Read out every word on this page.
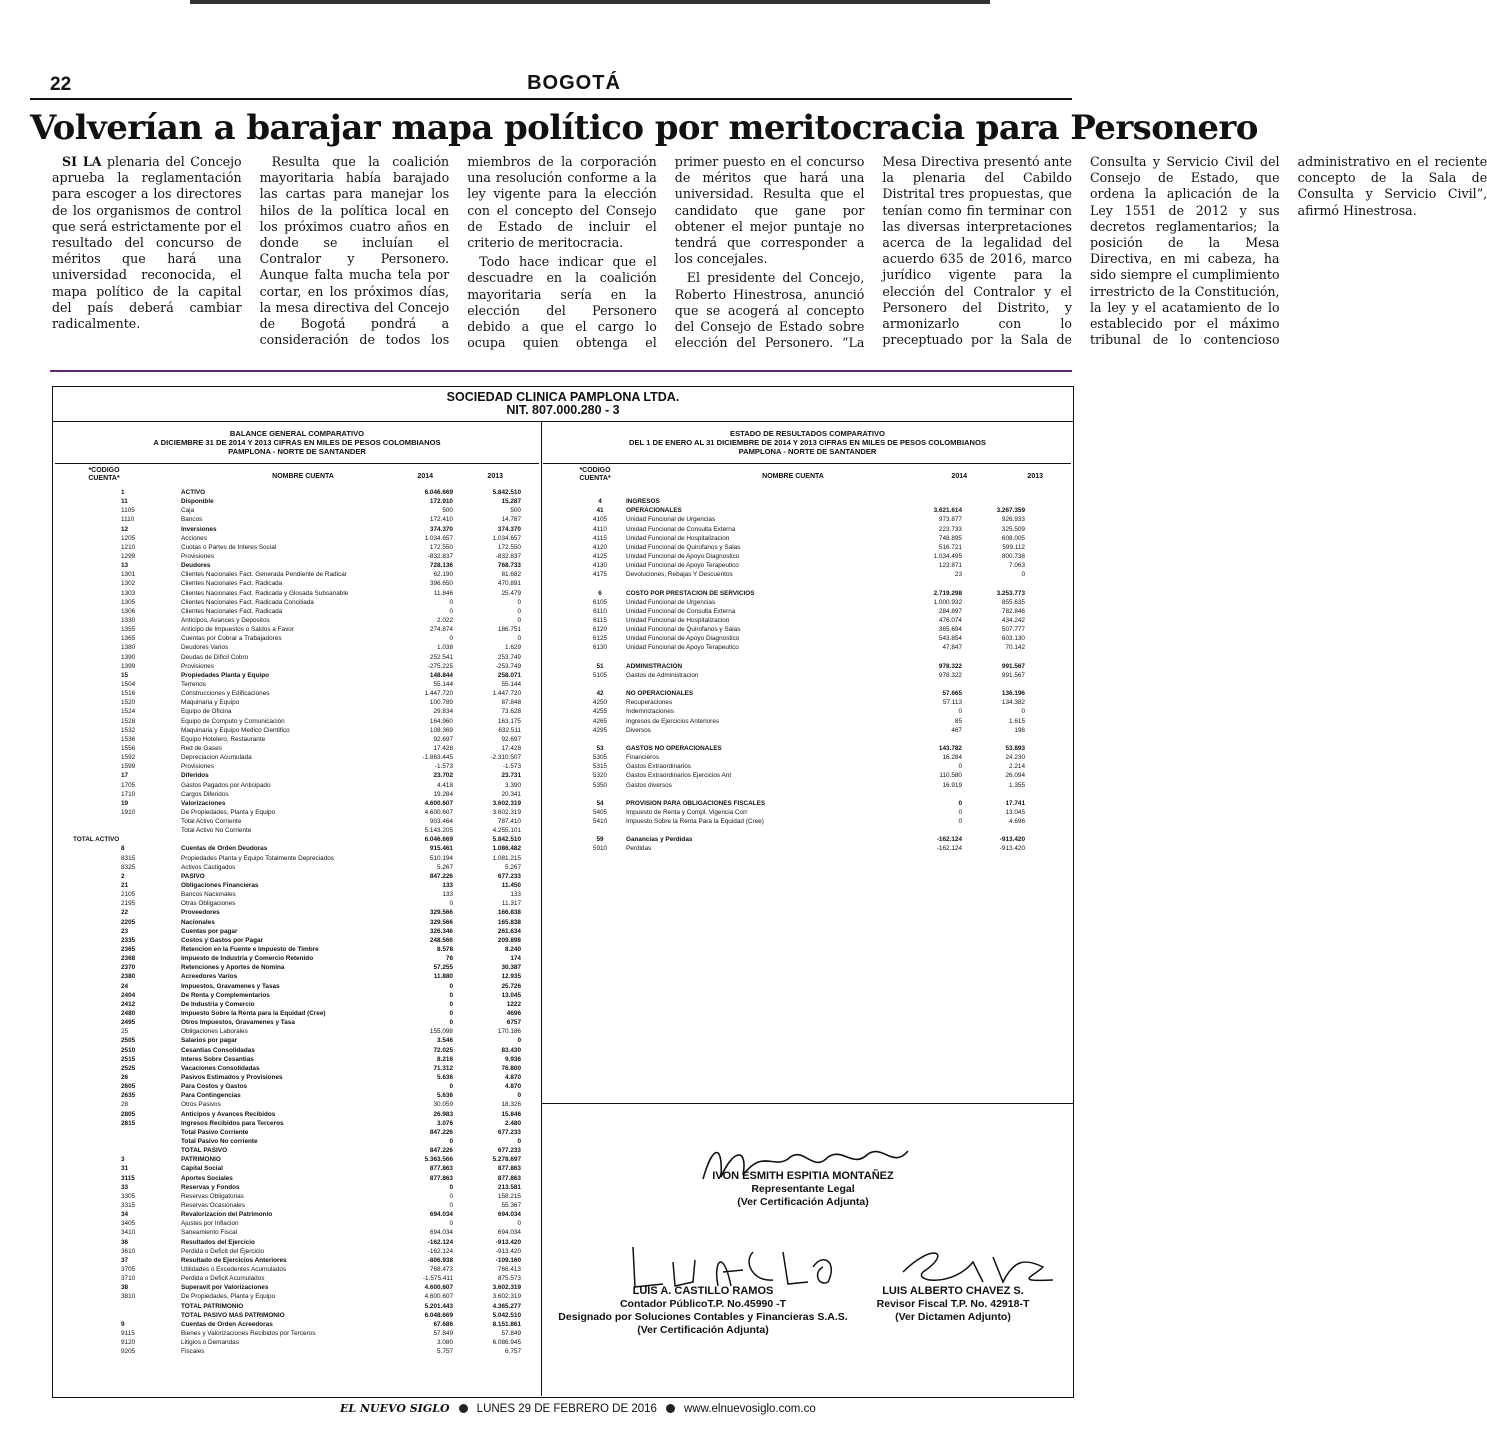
22	BOGOTÁ
Volverían a barajar mapa político por meritocracia para Personero

SI LA plenaria del Concejo aprueba la reglamentación para escoger a los directores de los organismos de control que será estrictamente por el resultado del concurso de méritos que hará una universidad reconocida, el mapa político de la capital del país deberá cambiar radicalmente.

Resulta que la coalición mayoritaria había barajado las cartas para manejar los hilos de la política local en los próximos cuatro años en donde se incluían el Contralor y Personero. Aunque falta mucha tela por cortar, en los próximos días, la mesa directiva del Concejo de Bogotá pondrá a consideración de todos los miembros de la corporación una resolución conforme a la ley vigente para la elección con el concepto del Consejo de Estado de incluir el criterio de meritocracia.

Todo hace indicar que el descuadre en la coalición mayoritaria sería en la elección del Personero debido a que el cargo lo ocupa quien obtenga el primer puesto en el concurso de méritos que hará una universidad. Resulta que el candidato que gane por obtener el mejor puntaje no tendrá que corresponder a los concejales.

El presidente del Concejo, Roberto Hinestrosa, anunció que se acogerá al concepto del Consejo de Estado sobre elección del Personero. “La Mesa Directiva presentó ante la plenaria del Cabildo Distrital tres propuestas, que tenían como fin terminar con las diversas interpretaciones acerca de la legalidad del acuerdo 635 de 2016, marco jurídico vigente para la elección del Contralor y el Personero del Distrito, y armonizarlo con lo preceptuado por la Sala de Consulta y Servicio Civil del Consejo de Estado, que ordena la aplicación de la Ley 1551 de 2012 y sus decretos reglamentarios; la posición de la Mesa Directiva, en mi cabeza, ha sido siempre el cumplimiento irrestricto de la Constitución, la ley y el acatamiento de lo establecido por el máximo tribunal de lo contencioso administrativo en el reciente concepto de la Sala de Consulta y Servicio Civil”, afirmó Hinestrosa.

SOCIEDAD CLINICA PAMPLONA LTDA.
NIT. 807.000.280 - 3
BALANCE GENERAL COMPARATIVO
A DICIEMBRE 31 DE 2014 Y 2013 CIFRAS EN MILES DE PESOS COLOMBIANOS
PAMPLONA - NORTE DE SANTANDER
*CODIGO CUENTA*	NOMBRE CUENTA	2014	2013
1	ACTIVO	6.046.669	5.842.510
11	Disponible	172.910	15.287
1105	Caja	500	500
1110	Bancos	172.410	14.787
12	Inversiones	374.370	374.370
1205	Acciones	1.034.657	1.034.657
1210	Cuotas o Partes de Interes Social	172.550	172.550
1299	Provisiones	-832.837	-832.837
13	Deudores	728.136	768.733
1301	Clientes Nacionales Fact. Generada Pendiente de Radicar	62.190	81.682
1302	Clientes Nacionales Fact. Radicada	396.650	470.891
1303	Clientes Nacionales Fact. Radicada y Glosada Subsanable	11.846	25.479
1305	Clientes Nacionales Fact. Radicada Conciliada	0	0
1306	Clientes Nacionales Fact. Radicada	0	0
1330	Anticipos, Avances y Depositos	2.022	0
1355	Anticipo de Impuestos o Saldos a Favor	274.874	186.751
1365	Cuentas por Cobrar a Trabajadores	0	0
1380	Deudores Varios	1.038	1.629
1390	Deudas de Dificil Cobro	252.541	253.749
1399	Provisiones	-275.225	-253.749
15	Propiedades Planta y Equipo	148.844	258.071
1504	Terrenos	55.144	55.144
1516	Construcciones y Edificaciones	1.447.720	1.447.720
1520	Maquinaria y Equipo	100.789	87.848
1524	Equipo de Oficina	29.834	73.628
1528	Equipo de Computo y Comunicación	164.960	163.175
1532	Maquinaria y Equipo Medico Cientifico	108.369	632.511
1536	Equipo Hotelero, Restaurante	92.697	92.697
1556	Red de Gases	17.428	17.428
1592	Depreciacion Acumulada	-1.863.445	-2.310.507
1599	Provisiones	-1.573	-1.573
17	Diferidos	23.702	23.731
1705	Gastos Pagados por Anticipado	4.418	3.390
1710	Cargos Diferidos	19.284	20.341
19	Valorizaciones	4.600.607	3.602.319
1910	De Propiedades, Planta y Equipo	4.600.607	3.602.319
Total Activo Corriente	903.464	787.410
Total Activo No Corriente	5.143.205	4.255.101
TOTAL ACTIVO	6.046.669	5.842.510
8	Cuentas de Orden Deudoras	915.461	1.086.482
8315	Propiedades Planta y Equipo Totalmente Depreciados	510.194	1.081.215
8325	Activos Castigados	5.267	5.267
2	PASIVO	847.226	677.233
21	Obligaciones Financieras	133	11.450
2105	Bancos Nacionales	133	133
2195	Otras Obligaciones	0	11.317
22	Proveedores	329.566	166.838
2205	Nacionales	329.566	165.838
23	Cuentas por pagar	326.346	261.634
2335	Costos y Gastos por Pagar	248.566	209.898
2365	Retencion en la Fuente e Impuesto de Timbre	8.578	8.240
2368	Impuesto de Industria y Comercio Retenido	76	174
2370	Retenciones y Aportes de Nomina	57.255	30.387
2380	Acreedores Varios	11.880	12.935
24	Impuestos, Gravamenes y Tasas	0	25.726
2404	De Renta y Complementarios	0	13.045
2412	De Industria y Comercio	0	1222
2480	Impuesto Sobre la Renta para la Equidad (Cree)	0	4696
2495	Otros Impuestos, Gravamenes y Tasa	0	6757
25	Obligaciones Laborales	155.098	170.186
2505	Salarios por pagar	3.546	0
2510	Cesantias Consolidadas	72.025	83.430
2515	Interes Sobre Cesantias	8.216	9.936
2525	Vacaciones Consolidadas	71.312	76.800
26	Pasivos Estimados y Provisiones	5.636	4.870
2605	Para Costos y Gastos	0	4.870
2635	Para Contingencias	5.636	0
28	Otros Pasivos	30.059	18.326
2805	Anticipos y Avances Recibidos	26.983	15.846
2815	Ingresos Recibidos para Terceros	3.076	2.480
Total Pasivo Corriente	847.226	677.233
Total Pasivo No corriente	0	0
TOTAL PASIVO	847.226	677.233
3	PATRIMONIO	5.363.566	5.278.697
31	Capital Social	877.863	877.863
3115	Aportes Sociales	877.863	877.863
33	Reservas y Fondos	0	213.581
3305	Reservas Obligatorias	0	158.215
3315	Reservas Ocasionales	0	55.367
34	Revalorizacion del Patrimonio	694.034	694.034
3405	Ajustes por Inflacion	0	0
3410	Saneamiento Fiscal	694.034	694.034
36	Resultados del Ejercicio	-162.124	-913.420
3610	Perdida o Deficit del Ejercicio	-162.124	-913.420
37	Resultado de Ejercicios Anteriores	-806.938	-109.160
3705	Utilidades o Excedentes Acumulados	768.473	766.413
3710	Perdida o Deficit Acumulados	-1.575.411	875.573
38	Superavit por Valorizaciones	4.600.607	3.602.319
3810	De Propiedades, Planta y Equipo	4.600.607	3.602.319
TOTAL PATRIMONIO	5.201.443	4.365.277
TOTAL PASIVO MAS PATRIMONIO	6.048.669	5.042.510
9	Cuentas de Orden Acreedoras	67.686	8.151.861
9115	Bienes y Valorizaciones Recibidos por Terceros	57.849	57.849
9120	Litigios o Demandas	3.080	6.086.945
9205	Fiscales	5.757	6.757
ESTADO DE RESULTADOS COMPARATIVO
DEL 1 DE ENERO AL 31 DICIEMBRE DE 2014 Y 2013 CIFRAS EN MILES DE PESOS COLOMBIANOS
PAMPLONA - NORTE DE SANTANDER
*CODIGO CUENTA*	NOMBRE CUENTA	2014	2013
4	INGRESOS
41	OPERACIONALES	3.621.614	3.267.359
4105	Unidad Funcional de Urgencias	973.877	926.933
4110	Unidad Funcional de Consulta Externa	223.733	325.509
4115	Unidad Funcional de Hospitalizacion	748.895	608.005
4120	Unidad Funcional de Quirofanos y Salas	516.721	599.112
4125	Unidad Funcional de Apoyo Diagnostico	1.034.495	800.738
4130	Unidad Funcional de Apoyo Terapeutico	123.871	7.063
4175	Devoluciones, Rebajas Y Descuentos	23	0
6	COSTO POR PRESTACION DE SERVICIOS	2.719.298	3.253.773
6105	Unidad Funcional de Urgencias	1.000.932	855.635
6110	Unidad Funcional de Consulta Externa	284.897	782.846
6115	Unidad Funcional de Hospitalizacion	476.074	434.242
6120	Unidad Funcional de Quirofanos y Salas	365.694	507.777
6125	Unidad Funcional de Apoyo Diagnostico	543.854	603.130
6130	Unidad Funcional de Apoyo Terapeutico	47.847	70.142
51	ADMINISTRACION	978.322	991.567
5105	Gastos de Administracion	978.322	991.567
42	NO OPERACIONALES	57.665	136.196
4250	Recuperaciones	57.113	134.382
4255	Indemnizaciones	0	0
4265	Ingresos de Ejercicios Anteriores	85	1.615
4295	Diversos	467	198
53	GASTOS NO OPERACIONALES	143.782	53.893
5305	Financieros	16.284	24.230
5315	Gastos Extraordinarios	0	2.214
5320	Gastos Extraordinarios Ejercicios Ant	110.580	26.094
5350	Gastos diversos	16.919	1.355
54	PROVISION PARA OBLIGACIONES FISCALES	0	17.741
5405	Impuesto de Renta y Compl. Vigencia Corr	0	13.045
5410	Impuesto Sobre la Renta Para la Equidad (Cree)	0	4.696
59	Ganancias y Perdidas	-162.124	-913.420
5910	Perdidas	-162.124	-913.420
IVON ESMITH ESPITIA MONTAÑEZ
Representante Legal
(Ver Certificación Adjunta)
LUIS A. CASTILLO RAMOS
Contador PúblicoT.P. No.45990 -T
Designado por Soluciones Contables y Financieras S.A.S.
(Ver Certificación Adjunta)
LUIS ALBERTO CHAVEZ S.
Revisor Fiscal T.P. No. 42918-T
(Ver Dictamen Adjunto)
EL NUEVO SIGLO LUNES 29 DE FEBRERO DE 2016 www.elnuevosiglo.com.co
